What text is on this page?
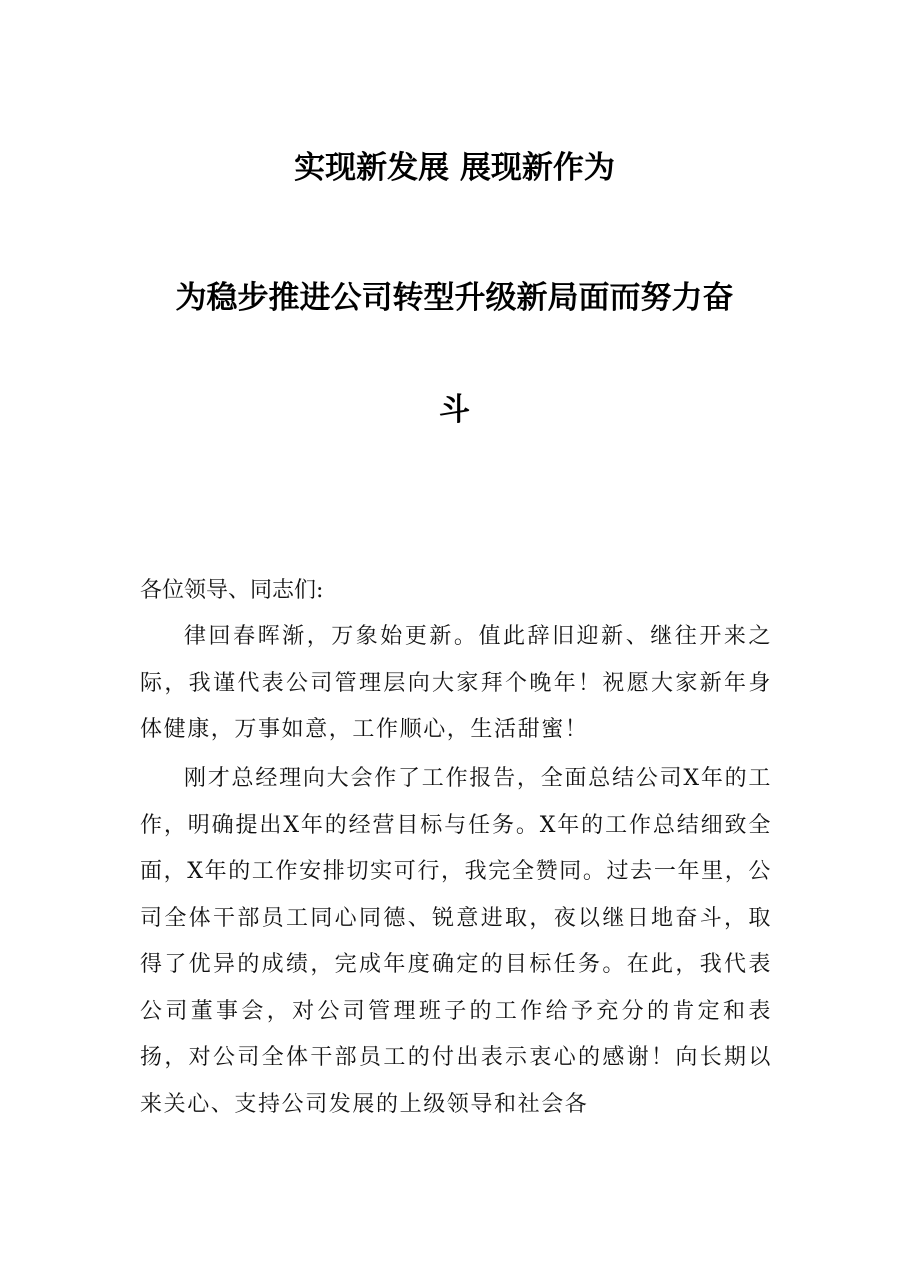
实现新发展 展现新作为
为稳步推进公司转型升级新局面而努力奋
斗

各位领导、同志们:

律回春晖渐，万象始更新。值此辞旧迎新、继往开来之际，我谨代表公司管理层向大家拜个晚年！祝愿大家新年身体健康，万事如意，工作顺心，生活甜蜜！

刚才总经理向大会作了工作报告，全面总结公司X年的工作，明确提出X年的经营目标与任务。X年的工作总结细致全面，X年的工作安排切实可行，我完全赞同。过去一年里，公司全体干部员工同心同德、锐意进取，夜以继日地奋斗，取得了优异的成绩，完成年度确定的目标任务。在此，我代表公司董事会，对公司管理班子的工作给予充分的肯定和表扬，对公司全体干部员工的付出表示衷心的感谢！向长期以来关心、支持公司发展的上级领导和社会各
